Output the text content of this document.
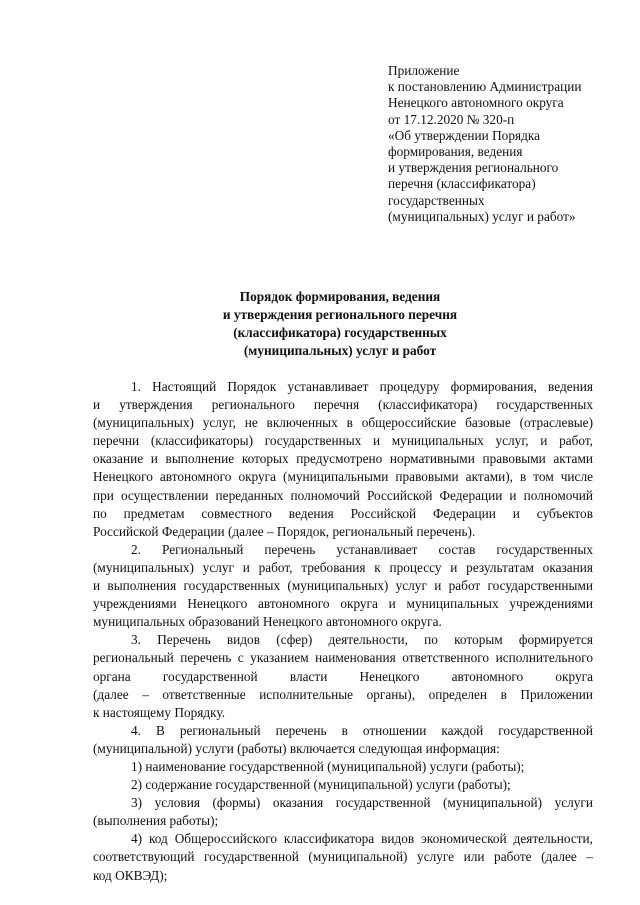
Приложение
к постановлению Администрации
Ненецкого автономного округа
от 17.12.2020 № 320-п
«Об утверждении Порядка
формирования, ведения
и утверждения регионального
перечня (классификатора)
государственных
(муниципальных) услуг и работ»
Порядок формирования, ведения
и утверждения регионального перечня
(классификатора) государственных
(муниципальных) услуг и работ
1. Настоящий Порядок устанавливает процедуру формирования, ведения
и утверждения регионального перечня (классификатора) государственных
(муниципальных) услуг, не включенных в общероссийские базовые (отраслевые)
перечни (классификаторы) государственных и муниципальных услуг, и работ,
оказание и выполнение которых предусмотрено нормативными правовыми актами
Ненецкого автономного округа (муниципальными правовыми актами), в том числе
при осуществлении переданных полномочий Российской Федерации и полномочий
по предметам совместного ведения Российской Федерации и субъектов
Российской Федерации (далее – Порядок, региональный перечень).
2. Региональный перечень устанавливает состав государственных
(муниципальных) услуг и работ, требования к процессу и результатам оказания
и выполнения государственных (муниципальных) услуг и работ государственными
учреждениями Ненецкого автономного округа и муниципальных учреждениями
муниципальных образований Ненецкого автономного округа.
3. Перечень видов (сфер) деятельности, по которым формируется
региональный перечень с указанием наименования ответственного исполнительного
органа государственной власти Ненецкого автономного округа
(далее – ответственные исполнительные органы), определен в Приложении
к настоящему Порядку.
4. В региональный перечень в отношении каждой государственной
(муниципальной) услуги (работы) включается следующая информация:
1) наименование государственной (муниципальной) услуги (работы);
2) содержание государственной (муниципальной) услуги (работы);
3) условия (формы) оказания государственной (муниципальной) услуги
(выполнения работы);
4) код Общероссийского классификатора видов экономической деятельности,
соответствующий государственной (муниципальной) услуге или работе (далее –
код ОКВЭД);
